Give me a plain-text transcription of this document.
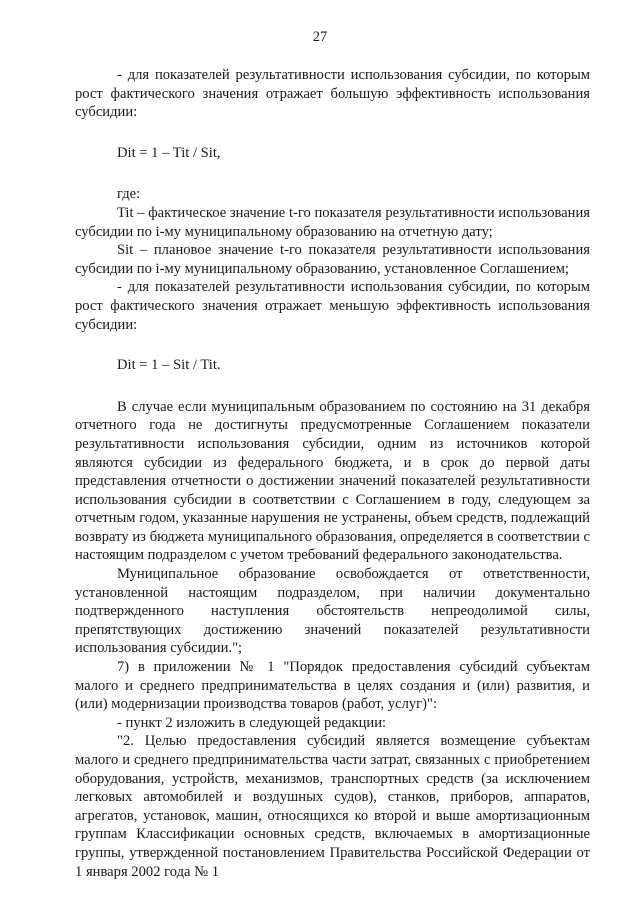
27

- для показателей результативности использования субсидии, по которым рост фактического значения отражает большую эффективность использования субсидии:

Dit = 1 – Tit / Sit,

где:

Tit – фактическое значение t-го показателя результативности использования субсидии по i-му муниципальному образованию на отчетную дату;

Sit – плановое значение t-го показателя результативности использования субсидии по i-му муниципальному образованию, установленное Соглашением;

- для показателей результативности использования субсидии, по которым рост фактического значения отражает меньшую эффективность использования субсидии:

Dit = 1 – Sit / Tit.

В случае если муниципальным образованием по состоянию на 31 декабря отчетного года не достигнуты предусмотренные Соглашением показатели результативности использования субсидии, одним из источников которой являются субсидии из федерального бюджета, и в срок до первой даты представления отчетности о достижении значений показателей результативности использования субсидии в соответствии с Соглашением в году, следующем за отчетным годом, указанные нарушения не устранены, объем средств, подлежащий возврату из бюджета муниципального образования, определяется в соответствии с настоящим подразделом с учетом требований федерального законодательства.

Муниципальное образование освобождается от ответственности, установленной настоящим подразделом, при наличии документально подтвержденного наступления обстоятельств непреодолимой силы, препятствующих достижению значений показателей результативности использования субсидии.";

7) в приложении № 1 "Порядок предоставления субсидий субъектам малого и среднего предпринимательства в целях создания и (или) развития, и (или) модернизации производства товаров (работ, услуг)":

- пункт 2 изложить в следующей редакции:

"2. Целью предоставления субсидий является возмещение субъектам малого и среднего предпринимательства части затрат, связанных с приобретением оборудования, устройств, механизмов, транспортных средств (за исключением легковых автомобилей и воздушных судов), станков, приборов, аппаратов, агрегатов, установок, машин, относящихся ко второй и выше амортизационным группам Классификации основных средств, включаемых в амортизационные группы, утвержденной постановлением Правительства Российской Федерации от 1 января 2002 года № 1
